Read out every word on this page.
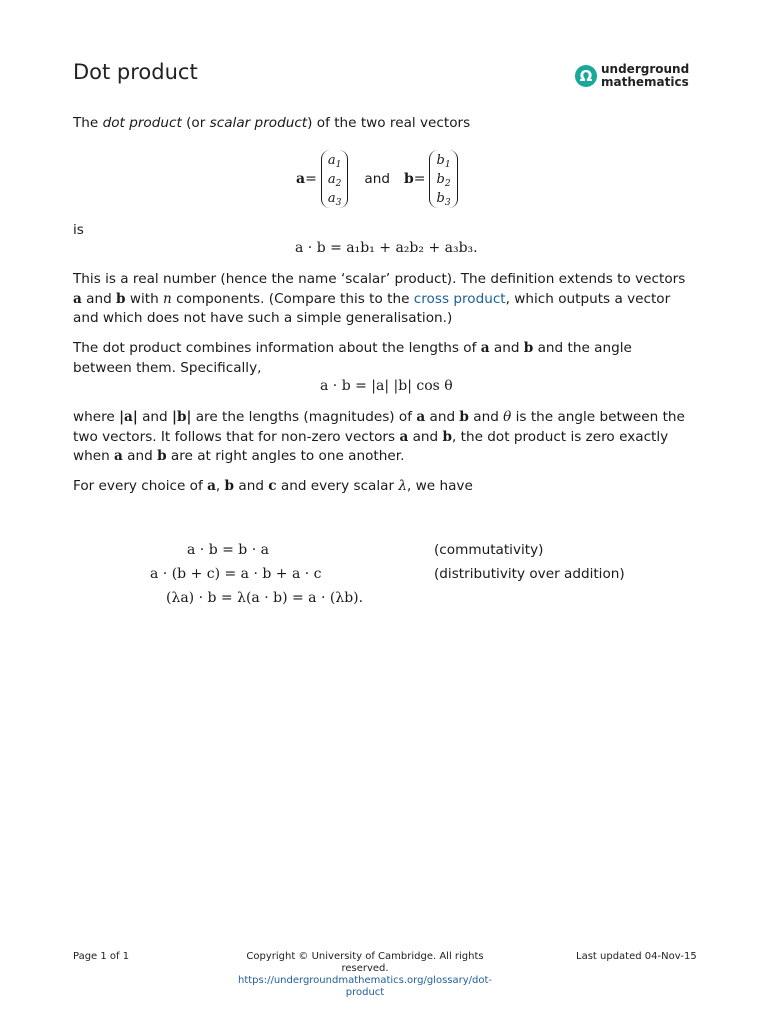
Dot product	Ω underground
mathematics
The dot product (or scalar product) of the two real vectors
a =
$a_1$
$a_2$
$a_3$
and b =
$b_1$
$b_2$
$b_3$
is
a · b = a₁b₁ + a₂b₂ + a₃b₃.
This is a real number (hence the name ‘scalar’ product). The definition extends to vectors a and b with n components. (Compare this to the cross product, which outputs a vector and which does not have such a simple generalisation.)
The dot product combines information about the lengths of a and b and the angle between them. Specifically,
a · b = |a| |b| cos θ
where |a| and |b| are the lengths (magnitudes) of a and b and θ is the angle between the two vectors. It follows that for non-zero vectors a and b, the dot product is zero exactly when a and b are at right angles to one another.
For every choice of a, b and c and every scalar λ, we have
a · b = b · a	(commutativity)
a · (b + c) = a · b + a · c	(distributivity over addition)
(λa) · b = λ(a · b) = a · (λb).
Page 1 of 1	Copyright © University of Cambridge. All rights reserved.
https://undergroundmathematics.org/glossary/dot-product
Last updated 04-Nov-15
